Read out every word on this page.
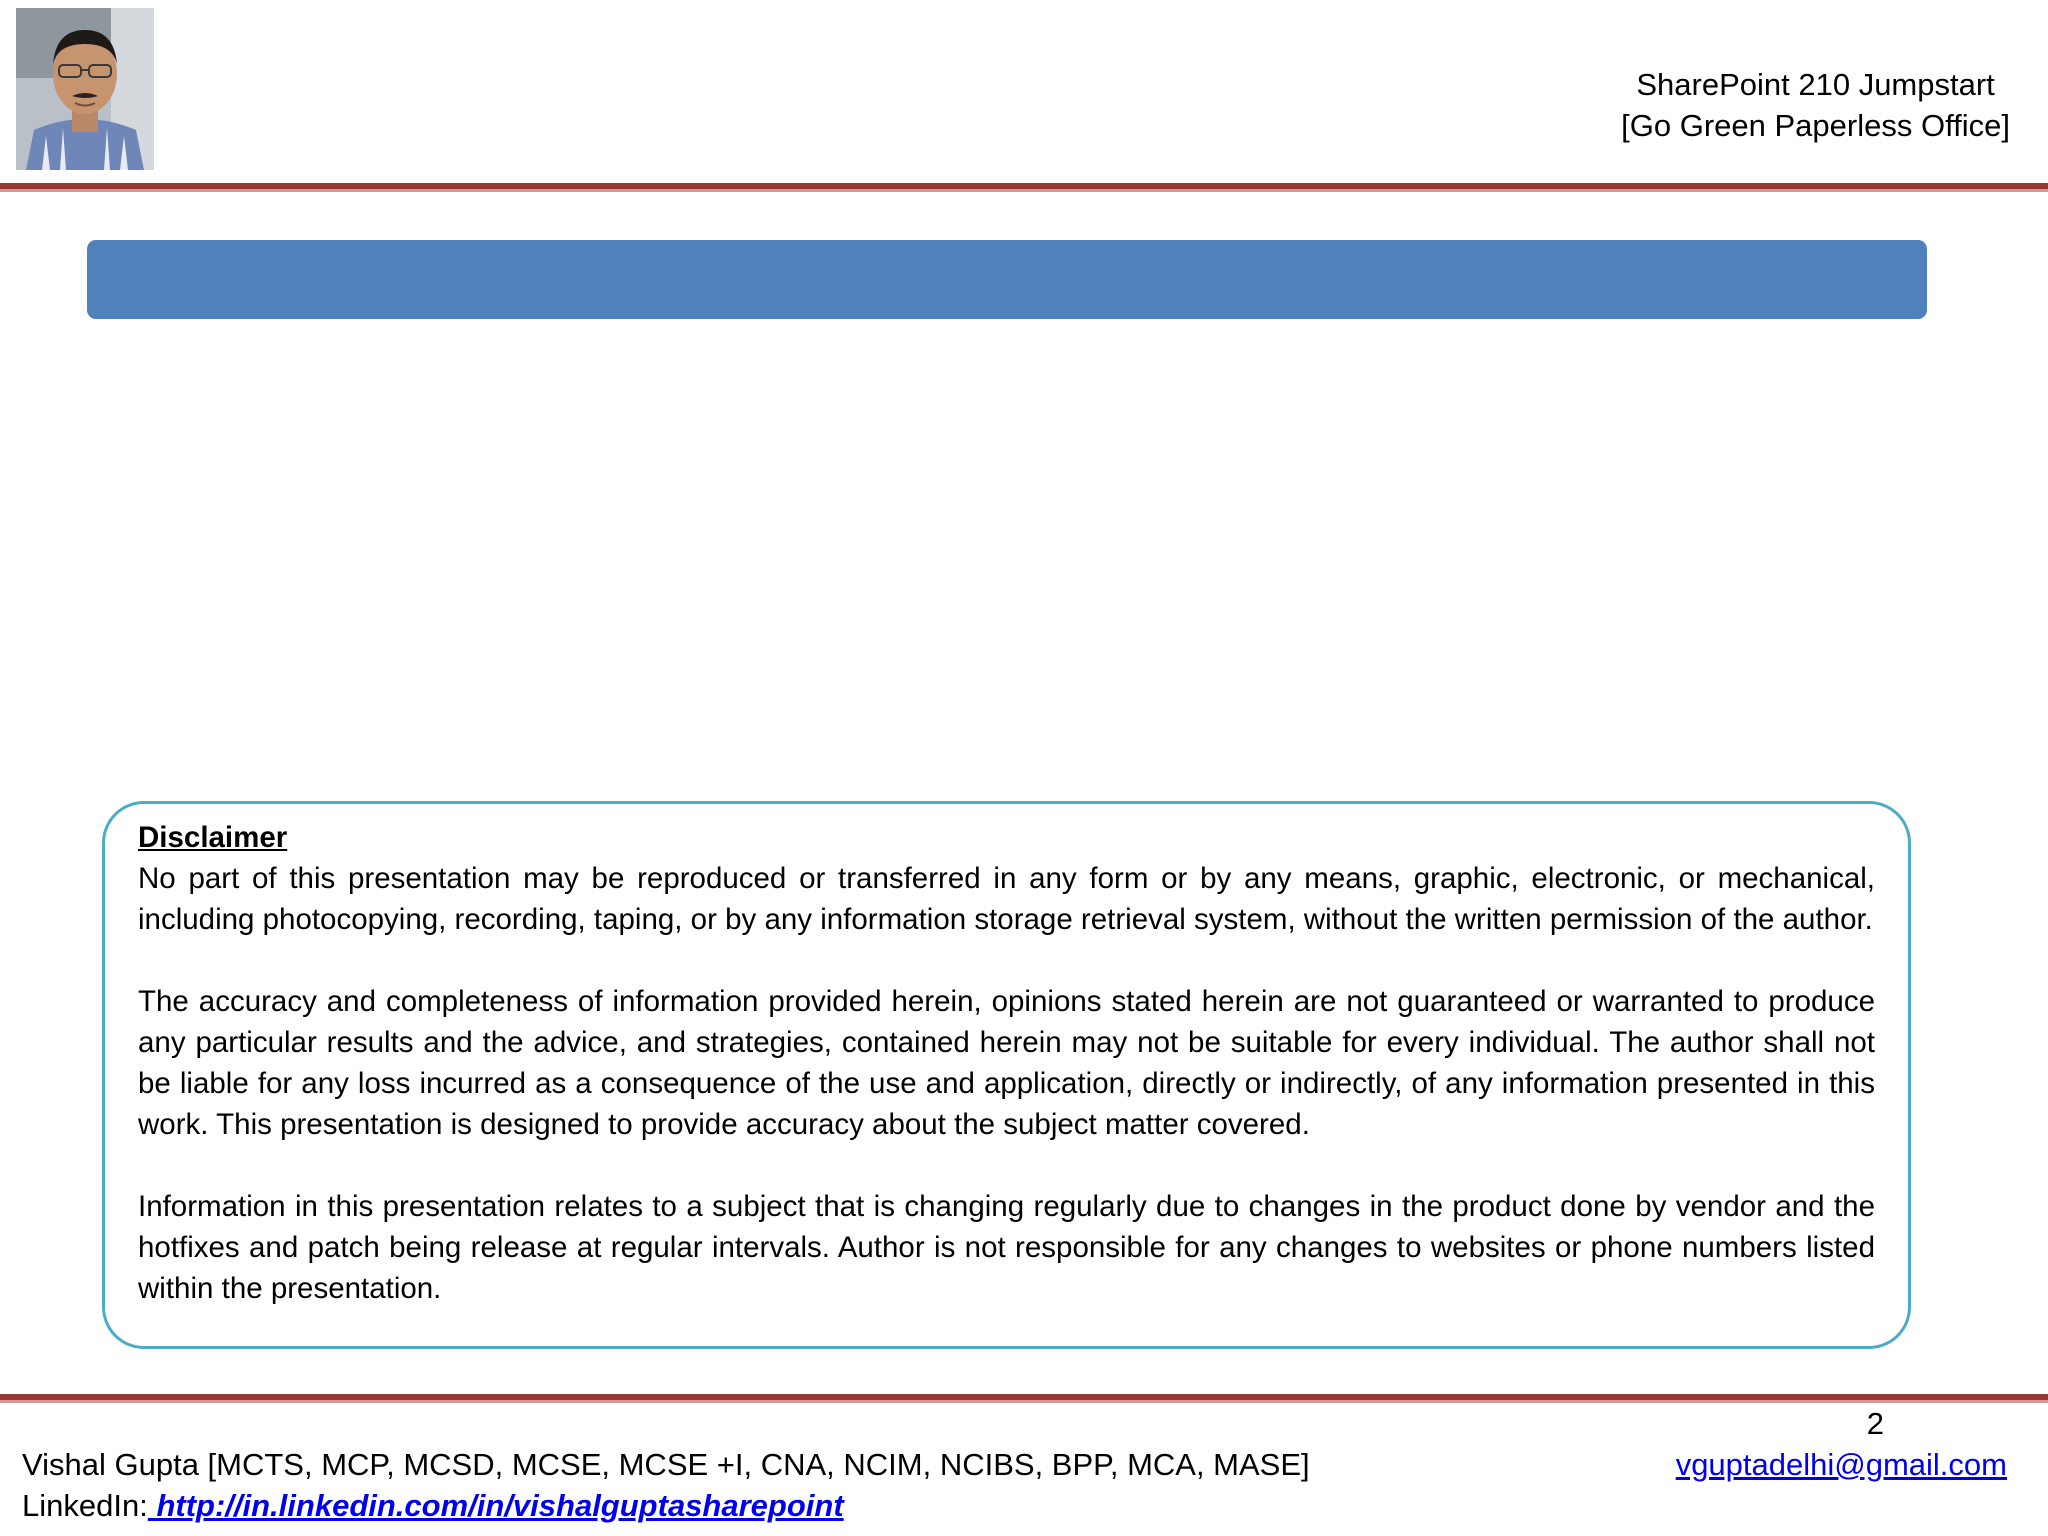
SharePoint 210 Jumpstart
[Go Green Paperless Office]
Disclaimer

No part of this presentation may be reproduced or transferred in any form or by any means, graphic, electronic, or mechanical, including photocopying, recording, taping, or by any information storage retrieval system, without the written permission of the author.

The accuracy and completeness of information provided herein, opinions stated herein are not guaranteed or warranted to produce any particular results and the advice, and strategies, contained herein may not be suitable for every individual. The author shall not be liable for any loss incurred as a consequence of the use and application, directly or indirectly, of any information presented in this work. This presentation is designed to provide accuracy about the subject matter covered.

Information in this presentation relates to a subject that is changing regularly due to changes in the product done by vendor and the hotfixes and patch being release at regular intervals. Author is not responsible for any changes to websites or phone numbers listed within the presentation.

2
Vishal Gupta [MCTS, MCP, MCSD, MCSE, MCSE +I, CNA, NCIM, NCIBS, BPP, MCA, MASE]
LinkedIn: http://in.linkedin.com/in/vishalguptasharepoint
vguptadelhi@gmail.com
